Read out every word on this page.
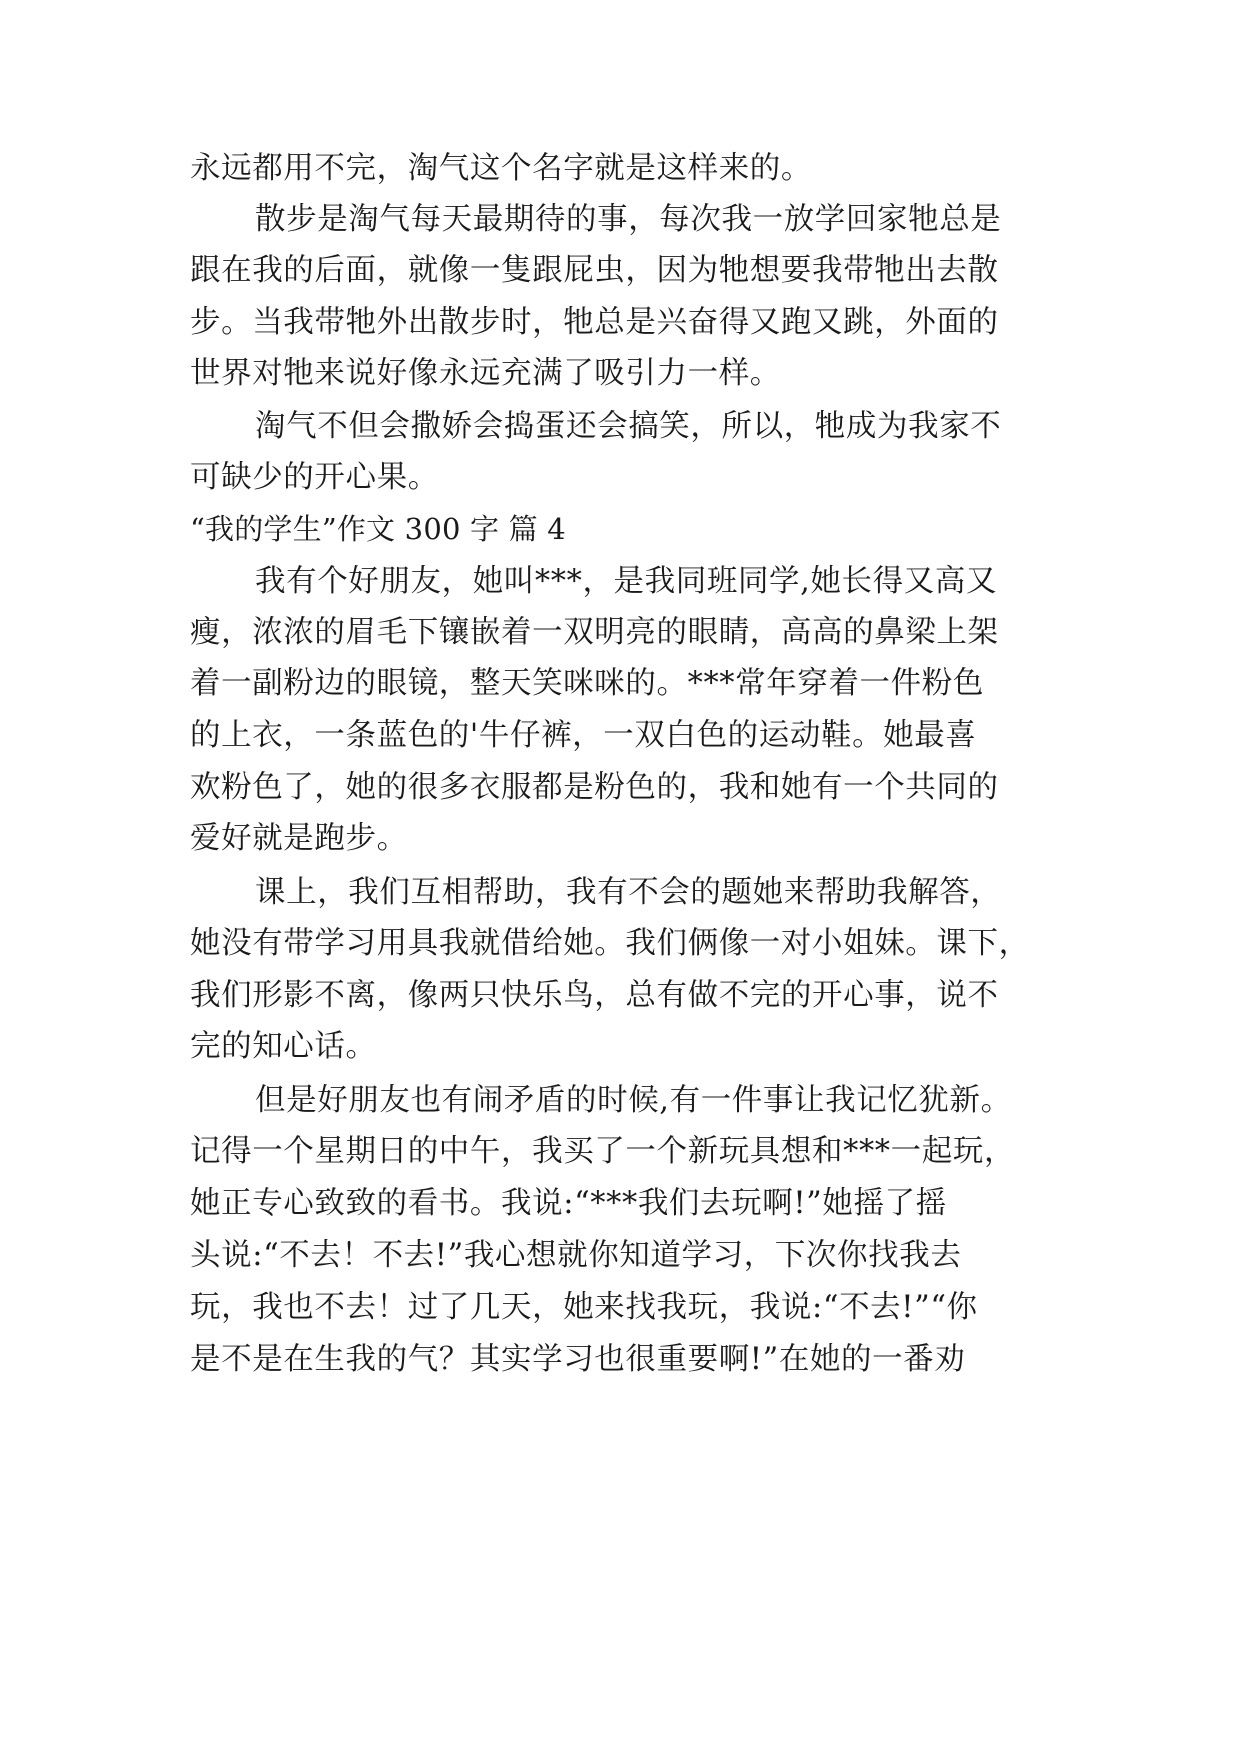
永远都用不完，淘气这个名字就是这样来的。

散步是淘气每天最期待的事，每次我一放学回家牠总是

跟在我的后面，就像一隻跟屁虫，因为牠想要我带牠出去散

步。当我带牠外出散步时，牠总是兴奋得又跑又跳，外面的

世界对牠来说好像永远充满了吸引力一样。

淘气不但会撒娇会捣蛋还会搞笑，所以，牠成为我家不

可缺少的开心果。

“我的学生”作文 300 字 篇 4

我有个好朋友，她叫***，是我同班同学,她长得又高又

瘦，浓浓的眉毛下镶嵌着一双明亮的眼睛，高高的鼻梁上架

着一副粉边的眼镜，整天笑咪咪的。***常年穿着一件粉色

的上衣，一条蓝色的'牛仔裤，一双白色的运动鞋。她最喜

欢粉色了，她的很多衣服都是粉色的，我和她有一个共同的

爱好就是跑步。

课上，我们互相帮助，我有不会的题她来帮助我解答，

她没有带学习用具我就借给她。我们俩像一对小姐妹。课下，

我们形影不离，像两只快乐鸟，总有做不完的开心事，说不

完的知心话。

但是好朋友也有闹矛盾的时候,有一件事让我记忆犹新。

记得一个星期日的中午，我买了一个新玩具想和***一起玩，

她正专心致致的看书。我说:“***我们去玩啊!”她摇了摇

头说:“不去！不去!”我心想就你知道学习，下次你找我去

玩，我也不去！过了几天，她来找我玩，我说:“不去!”“你

是不是在生我的气？其实学习也很重要啊!”在她的一番劝
